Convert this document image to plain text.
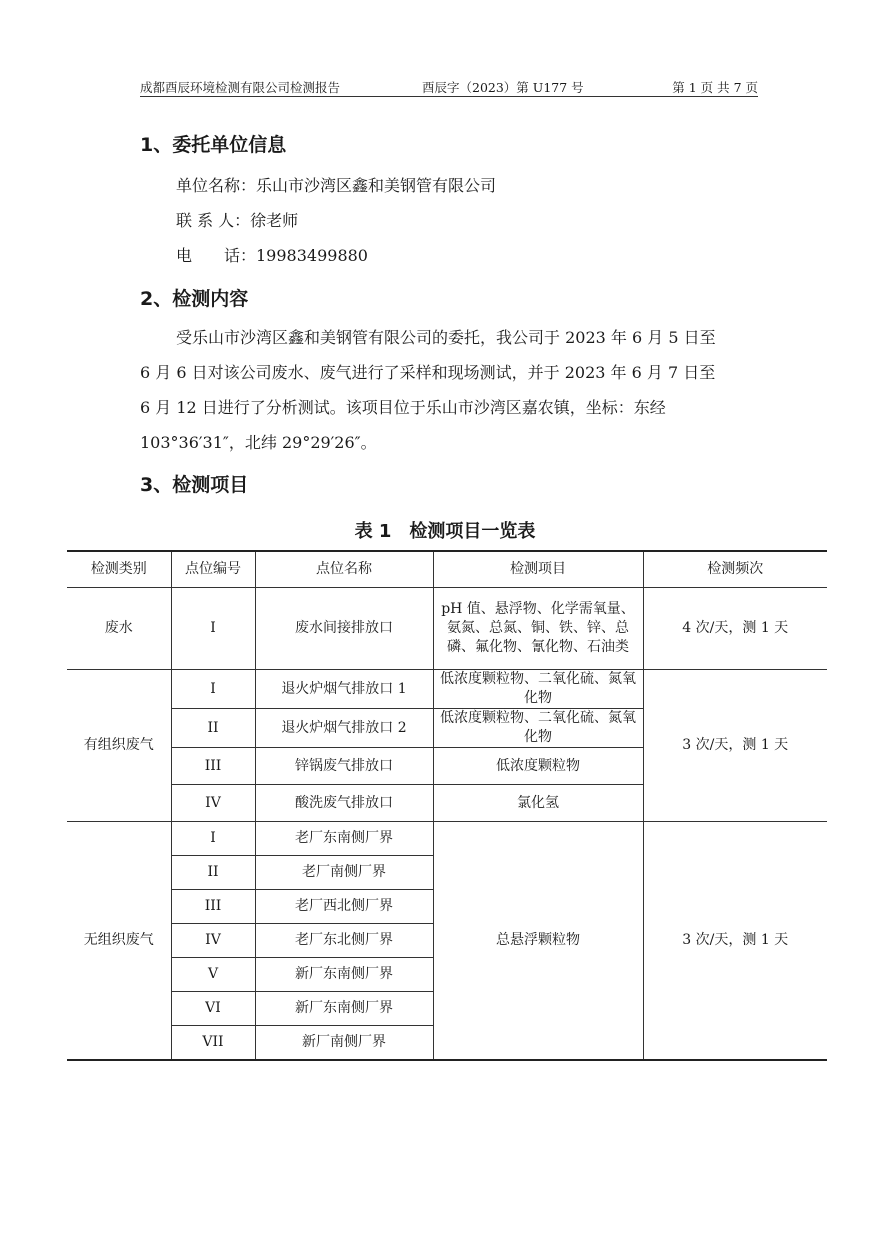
成都酉辰环境检测有限公司检测报告	酉辰字（2023）第 U177 号	第 1 页 共 7 页
1、委托单位信息
单位名称：乐山市沙湾区鑫和美钢管有限公司
联 系 人：徐老师
电　　话：19983499880
2、检测内容
受乐山市沙湾区鑫和美钢管有限公司的委托，我公司于 2023 年 6 月 5 日至
6 月 6 日对该公司废水、废气进行了采样和现场测试，并于 2023 年 6 月 7 日至
6 月 12 日进行了分析测试。该项目位于乐山市沙湾区嘉农镇，坐标：东经
103°36′31″，北纬 29°29′26″。
3、检测项目
表 1　检测项目一览表
检测类别	点位编号	点位名称	检测项目	检测频次
废水	I	废水间接排放口	pH 值、悬浮物、化学需氧量、氨氮、总氮、铜、铁、锌、总磷、氟化物、氰化物、石油类	4 次/天，测 1 天
有组织废气	I	退火炉烟气排放口 1	低浓度颗粒物、二氧化硫、氮氧化物	3 次/天，测 1 天
	II	退火炉烟气排放口 2	低浓度颗粒物、二氧化硫、氮氧化物	
	III	锌锅废气排放口	低浓度颗粒物	
	IV	酸洗废气排放口	氯化氢	
无组织废气	I	老厂东南侧厂界	总悬浮颗粒物	3 次/天，测 1 天
	II	老厂南侧厂界		
	III	老厂西北侧厂界		
	IV	老厂东北侧厂界		
	V	新厂东南侧厂界		
	VI	新厂东南侧厂界		
	VII	新厂南侧厂界		
